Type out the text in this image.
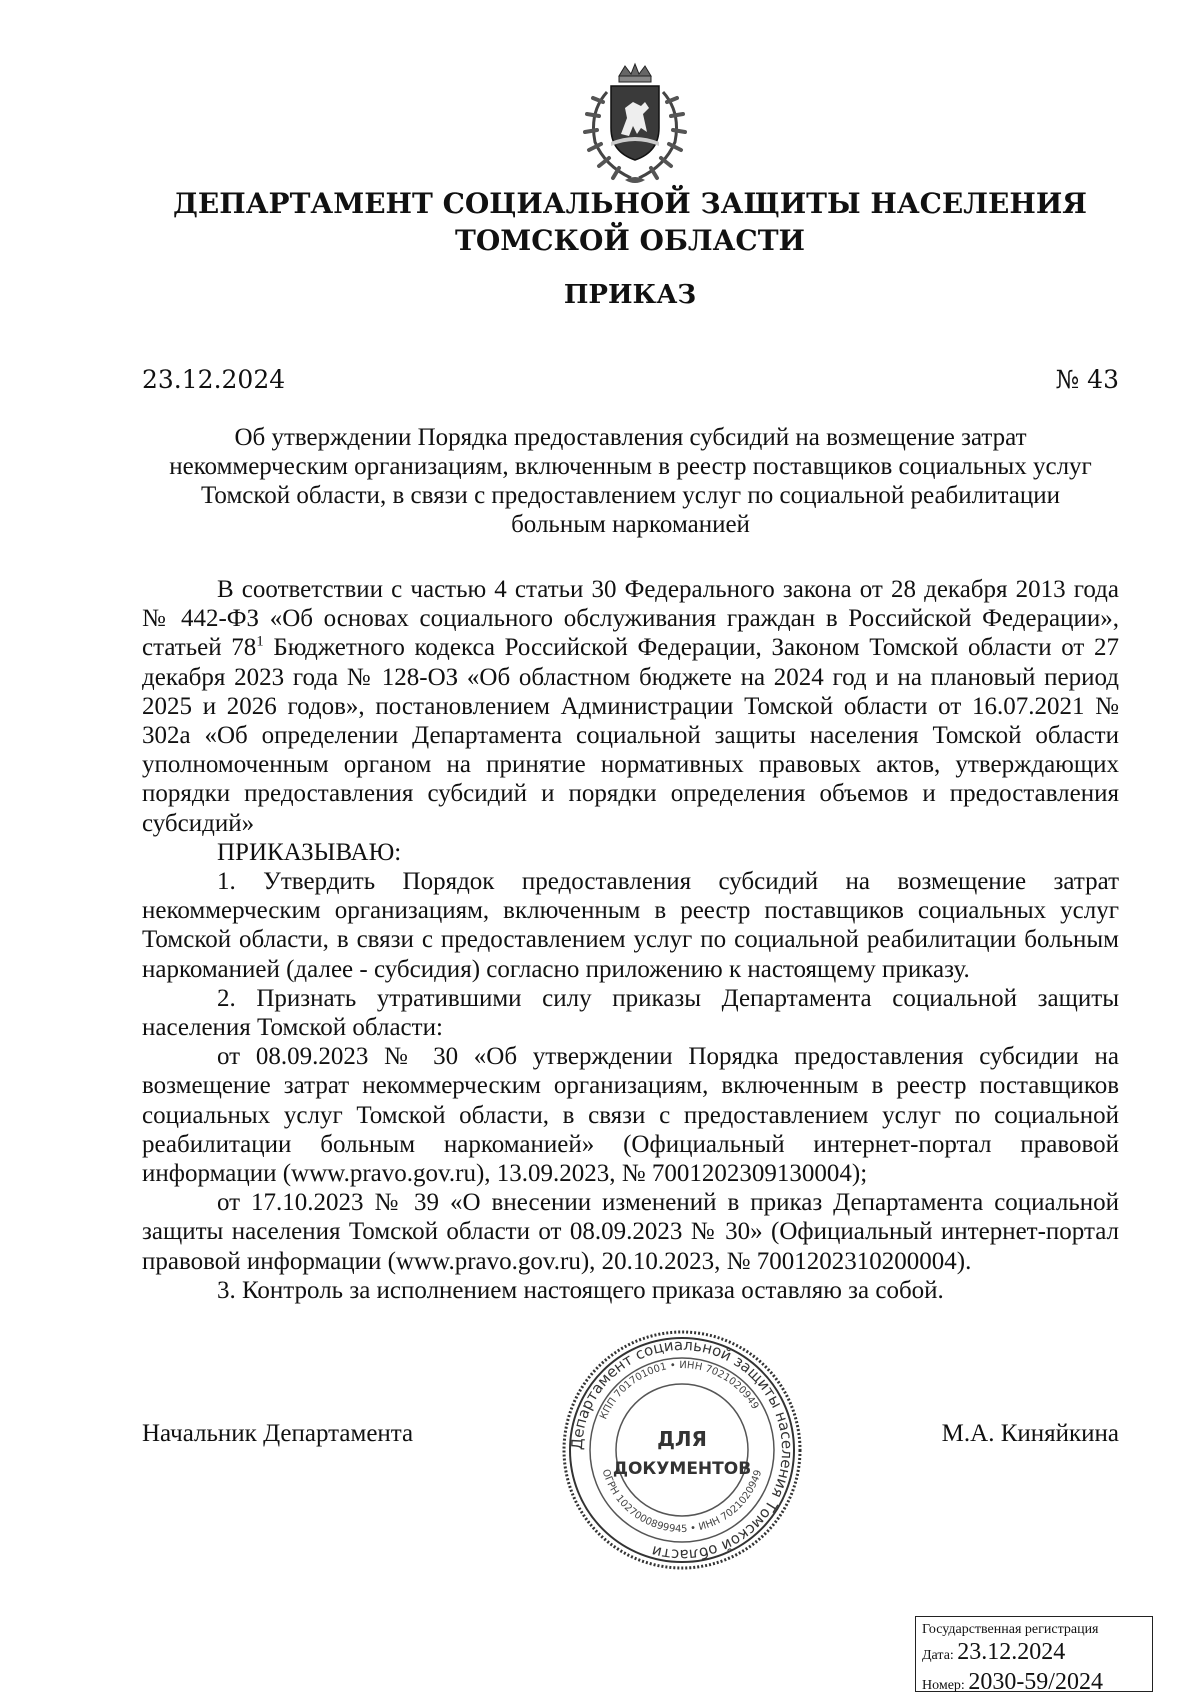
ДЕПАРТАМЕНТ СОЦИАЛЬНОЙ ЗАЩИТЫ НАСЕЛЕНИЯ
ТОМСКОЙ ОБЛАСТИ
ПРИКАЗ
23.12.2024	№ 43
Об утверждении Порядка предоставления субсидий на возмещение затрат
некоммерческим организациям, включенным в реестр поставщиков социальных услуг
Томской области, в связи с предоставлением услуг по социальной реабилитации
больным наркоманией

В соответствии с частью 4 статьи 30 Федерального закона от 28 декабря 2013 года № 442-ФЗ «Об основах социального обслуживания граждан в Российской Федерации», статьей $78^1$ Бюджетного кодекса Российской Федерации, Законом Томской области от 27 декабря 2023 года № 128-ОЗ «Об областном бюджете на 2024 год и на плановый период 2025 и 2026 годов», постановлением Администрации Томской области от 16.07.2021 № 302а «Об определении Департамента социальной защиты населения Томской области уполномоченным органом на принятие нормативных правовых актов, утверждающих порядки предоставления субсидий и порядки определения объемов и предоставления субсидий»

ПРИКАЗЫВАЮ:

1. Утвердить Порядок предоставления субсидий на возмещение затрат некоммерческим организациям, включенным в реестр поставщиков социальных услуг Томской области, в связи с предоставлением услуг по социальной реабилитации больным наркоманией (далее - субсидия) согласно приложению к настоящему приказу.

2. Признать утратившими силу приказы Департамента социальной защиты населения Томской области:

от 08.09.2023 № 30 «Об утверждении Порядка предоставления субсидии на возмещение затрат некоммерческим организациям, включенным в реестр поставщиков социальных услуг Томской области, в связи с предоставлением услуг по социальной реабилитации больным наркоманией» (Официальный интернет-портал правовой информации (www.pravo.gov.ru), 13.09.2023, № 7001202309130004);

от 17.10.2023 № 39 «О внесении изменений в приказ Департамента социальной защиты населения Томской области от 08.09.2023 № 30» (Официальный интернет-портал правовой информации (www.pravo.gov.ru), 20.10.2023, № 7001202310200004).

3. Контроль за исполнением настоящего приказа оставляю за собой.

Начальник Департамента	М.А. Киняйкина
Департамент социальной защиты населения Томской области
КПП 701701001 • ИНН 7021020949
ОГРН 1027000899945 • ИНН 7021020949
ДЛЯ
ДОКУМЕНТОВ
Государственная регистрация
Дата: 23.12.2024
Номер: 2030-59/2024
